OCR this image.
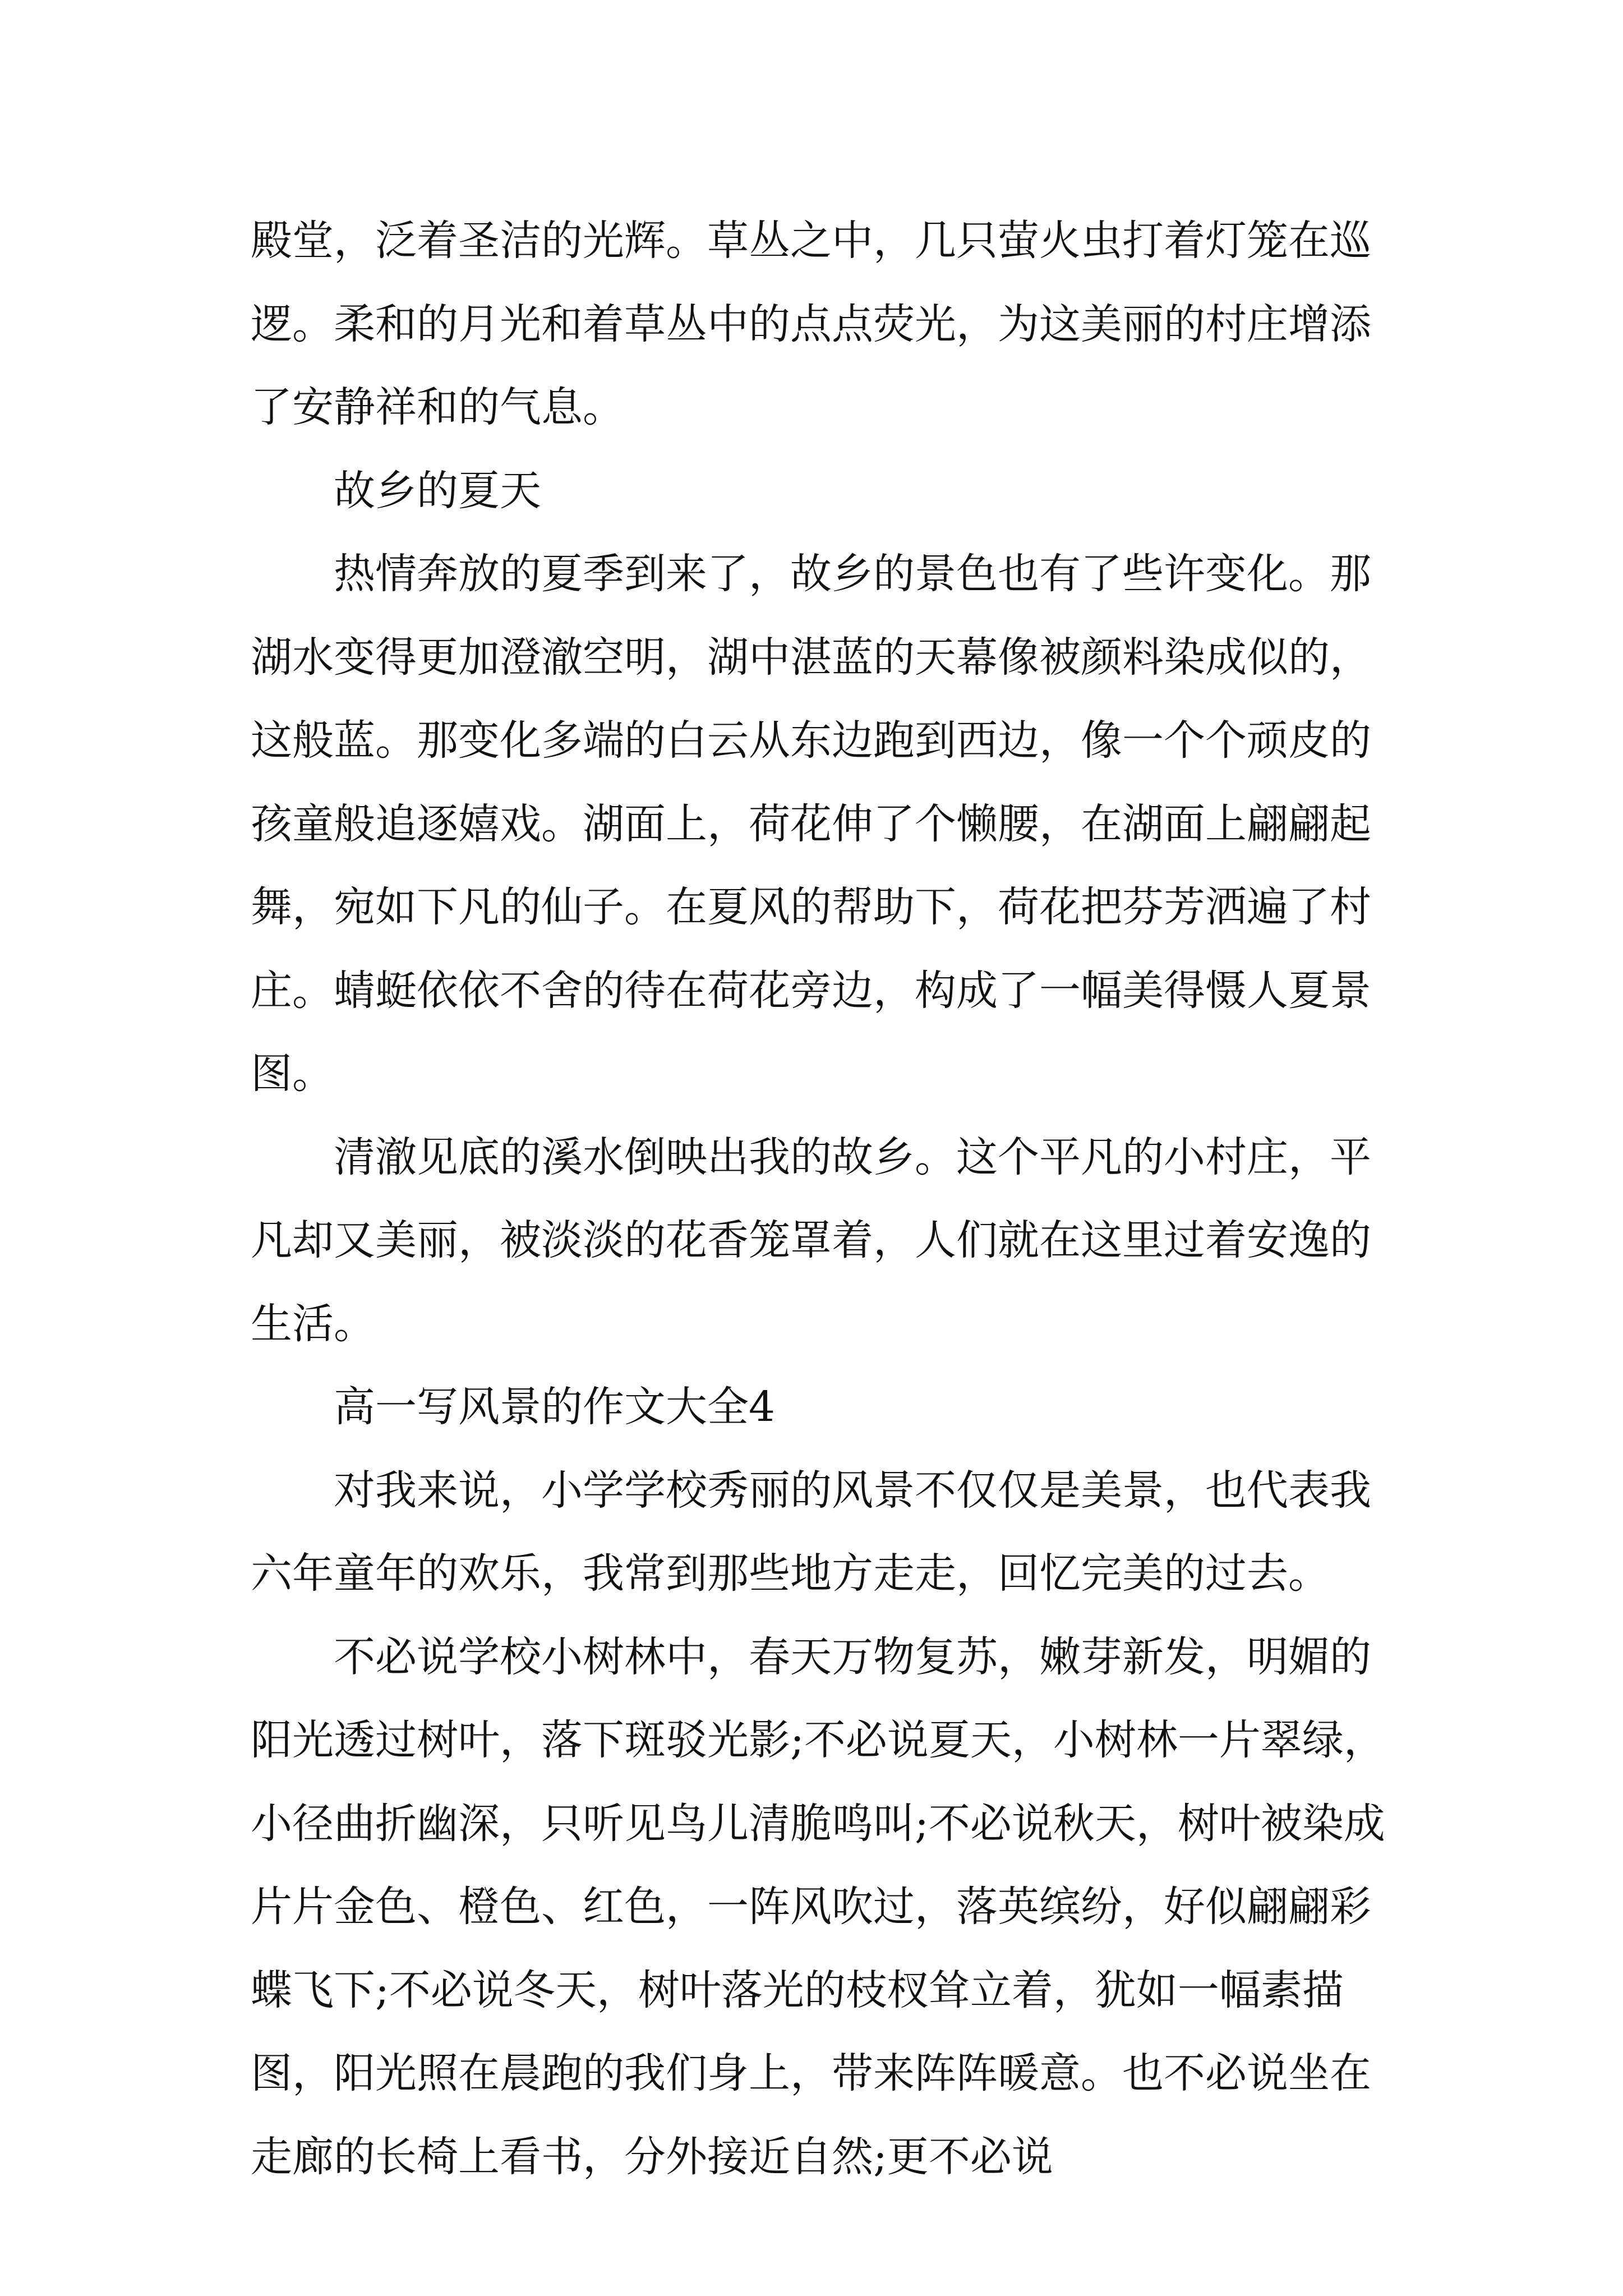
殿堂，泛着圣洁的光辉。草丛之中，几只萤火虫打着灯笼在巡逻。柔和的月光和着草丛中的点点荧光，为这美丽的村庄增添了安静祥和的气息。

故乡的夏天

热情奔放的夏季到来了，故乡的景色也有了些许变化。那湖水变得更加澄澈空明，湖中湛蓝的天幕像被颜料染成似的，这般蓝。那变化多端的白云从东边跑到西边，像一个个顽皮的孩童般追逐嬉戏。湖面上，荷花伸了个懒腰，在湖面上翩翩起舞，宛如下凡的仙子。在夏风的帮助下，荷花把芬芳洒遍了村庄。蜻蜓依依不舍的待在荷花旁边，构成了一幅美得慑人夏景图。

清澈见底的溪水倒映出我的故乡。这个平凡的小村庄，平凡却又美丽，被淡淡的花香笼罩着，人们就在这里过着安逸的生活。

高一写风景的作文大全4

对我来说，小学学校秀丽的风景不仅仅是美景，也代表我六年童年的欢乐，我常到那些地方走走，回忆完美的过去。

不必说学校小树林中，春天万物复苏，嫩芽新发，明媚的阳光透过树叶，落下斑驳光影;不必说夏天，小树林一片翠绿，小径曲折幽深，只听见鸟儿清脆鸣叫;不必说秋天，树叶被染成片片金色、橙色、红色，一阵风吹过，落英缤纷，好似翩翩彩蝶飞下;不必说冬天，树叶落光的枝杈耸立着，犹如一幅素描图，阳光照在晨跑的我们身上，带来阵阵暖意。也不必说坐在走廊的长椅上看书，分外接近自然;更不必说
